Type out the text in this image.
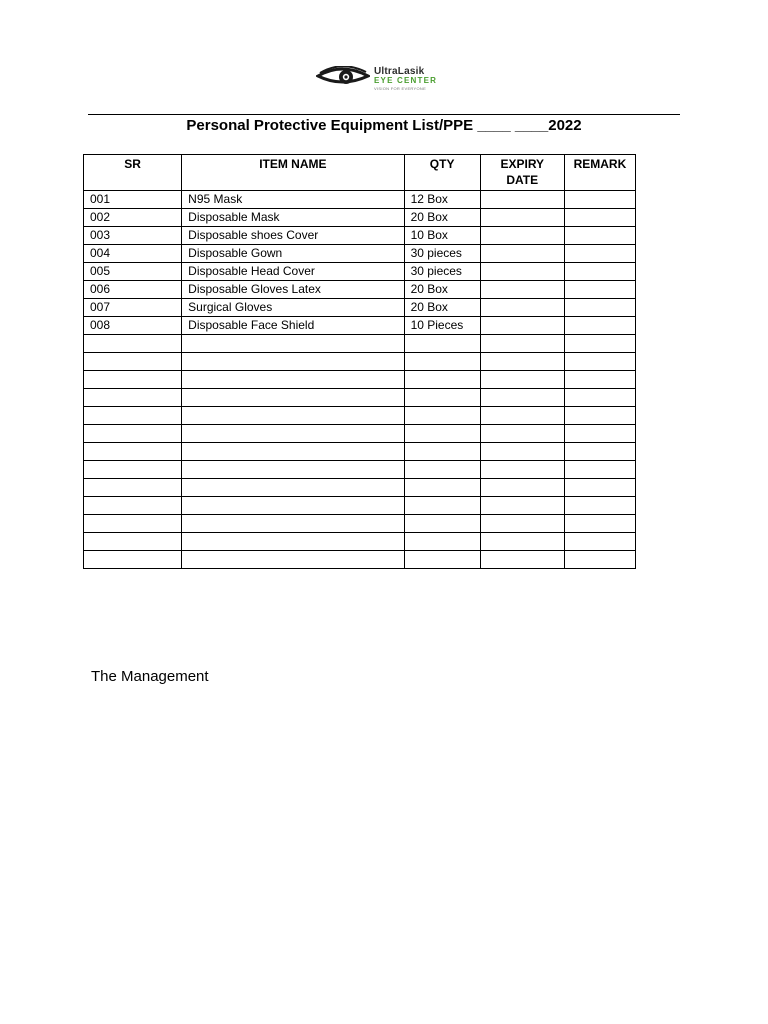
UltraLasik
EYE CENTER
VISION FOR EVERYONE
Personal Protective Equipment List/PPE ____ ____2022
SR	ITEM NAME	QTY	EXPIRY DATE	REMARK
001	N95 Mask	12 Box		
002	Disposable Mask	20 Box		
003	Disposable shoes Cover	10 Box		
004	Disposable Gown	30 pieces		
005	Disposable Head Cover	30 pieces		
006	Disposable Gloves Latex	20 Box		
007	Surgical Gloves	20 Box		
008	Disposable Face Shield	10 Pieces		

The Management
